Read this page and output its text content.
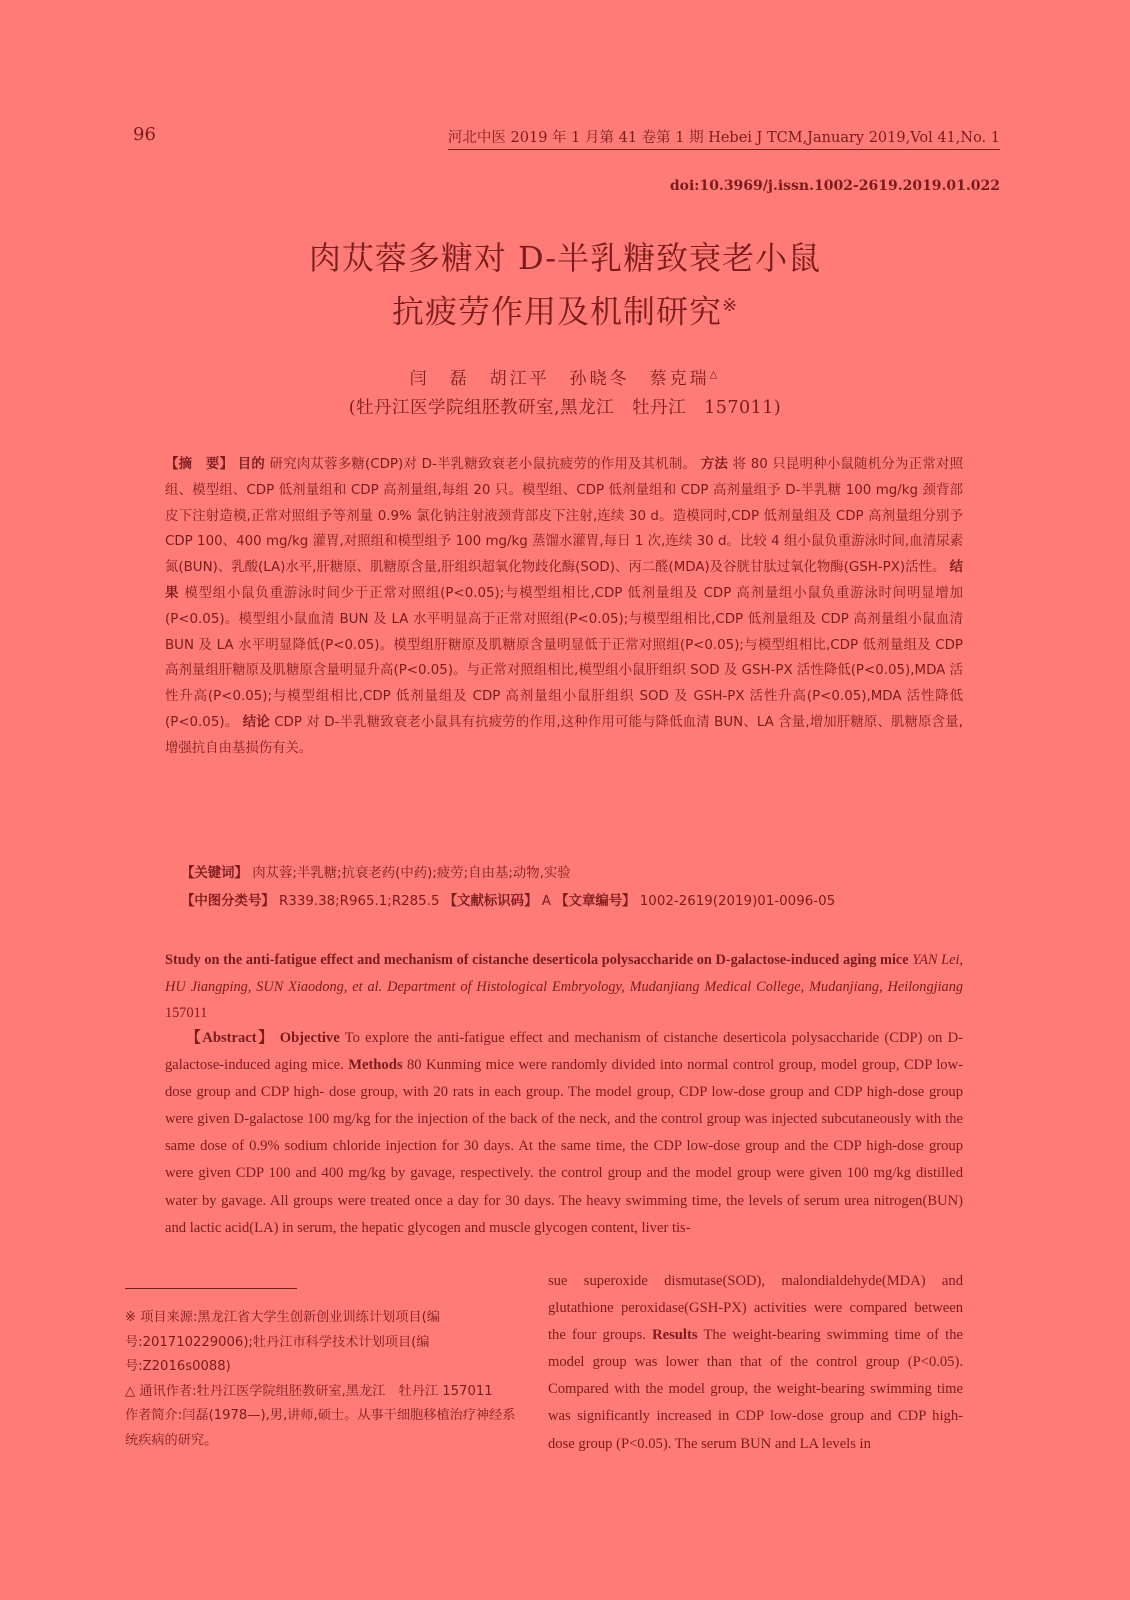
96	河北中医 2019 年 1 月第 41 卷第 1 期 Hebei J TCM,January 2019,Vol 41,No. 1
doi:10.3969/j.issn.1002-2619.2019.01.022
肉苁蓉多糖对 D-半乳糖致衰老小鼠
抗疲劳作用及机制研究※
闫　磊　胡江平　孙晓冬　蔡克瑞△
(牡丹江医学院组胚教研室,黑龙江　牡丹江　157011)
【摘　要】 目的 研究肉苁蓉多糖(CDP)对 D-半乳糖致衰老小鼠抗疲劳的作用及其机制。 方法 将 80 只昆明种小鼠随机分为正常对照组、模型组、CDP 低剂量组和 CDP 高剂量组,每组 20 只。模型组、CDP 低剂量组和 CDP 高剂量组予 D-半乳糖 100 mg/kg 颈背部皮下注射造模,正常对照组予等剂量 0.9% 氯化钠注射液颈背部皮下注射,连续 30 d。造模同时,CDP 低剂量组及 CDP 高剂量组分别予 CDP 100、400 mg/kg 灌胃,对照组和模型组予 100 mg/kg 蒸馏水灌胃,每日 1 次,连续 30 d。比较 4 组小鼠负重游泳时间,血清尿素氮(BUN)、乳酸(LA)水平,肝糖原、肌糖原含量,肝组织超氧化物歧化酶(SOD)、丙二醛(MDA)及谷胱甘肽过氧化物酶(GSH-PX)活性。 结果 模型组小鼠负重游泳时间少于正常对照组(P<0.05);与模型组相比,CDP 低剂量组及 CDP 高剂量组小鼠负重游泳时间明显增加(P<0.05)。模型组小鼠血清 BUN 及 LA 水平明显高于正常对照组(P<0.05);与模型组相比,CDP 低剂量组及 CDP 高剂量组小鼠血清 BUN 及 LA 水平明显降低(P<0.05)。模型组肝糖原及肌糖原含量明显低于正常对照组(P<0.05);与模型组相比,CDP 低剂量组及 CDP 高剂量组肝糖原及肌糖原含量明显升高(P<0.05)。与正常对照组相比,模型组小鼠肝组织 SOD 及 GSH-PX 活性降低(P<0.05),MDA 活性升高(P<0.05);与模型组相比,CDP 低剂量组及 CDP 高剂量组小鼠肝组织 SOD 及 GSH-PX 活性升高(P<0.05),MDA 活性降低(P<0.05)。 结论 CDP 对 D-半乳糖致衰老小鼠具有抗疲劳的作用,这种作用可能与降低血清 BUN、LA 含量,增加肝糖原、肌糖原含量,增强抗自由基损伤有关。
【关键词】 肉苁蓉;半乳糖;抗衰老药(中药);疲劳;自由基;动物,实验
【中图分类号】 R339.38;R965.1;R285.5 【文献标识码】 A 【文章编号】 1002-2619(2019)01-0096-05
Study on the anti-fatigue effect and mechanism of cistanche deserticola polysaccharide on D-galactose-induced aging mice YAN Lei, HU Jiangping, SUN Xiaodong, et al. Department of Histological Embryology, Mudanjiang Medical College, Mudanjiang, Heilongjiang 157011
【Abstract】 Objective To explore the anti-fatigue effect and mechanism of cistanche deserticola polysaccharide (CDP) on D-galactose-induced aging mice. Methods 80 Kunming mice were randomly divided into normal control group, model group, CDP low-dose group and CDP high- dose group, with 20 rats in each group. The model group, CDP low-dose group and CDP high-dose group were given D-galactose 100 mg/kg for the injection of the back of the neck, and the control group was injected subcutaneously with the same dose of 0.9% sodium chloride injection for 30 days. At the same time, the CDP low-dose group and the CDP high-dose group were given CDP 100 and 400 mg/kg by gavage, respectively. the control group and the model group were given 100 mg/kg distilled water by gavage. All groups were treated once a day for 30 days. The heavy swimming time, the levels of serum urea nitrogen(BUN) and lactic acid(LA) in serum, the hepatic glycogen and muscle glycogen content, liver tis-

※ 项目来源:黑龙江省大学生创新创业训练计划项目(编号:201710229006);牡丹江市科学技术计划项目(编号:Z2016s0088)

△ 通讯作者:牡丹江医学院组胚教研室,黑龙江　牡丹江 157011

作者简介:闫磊(1978—),男,讲师,硕士。从事干细胞移植治疗神经系统疾病的研究。

sue superoxide dismutase(SOD), malondialdehyde(MDA) and glutathione peroxidase(GSH-PX) activities were compared between the four groups. Results The weight-bearing swimming time of the model group was lower than that of the control group (P<0.05). Compared with the model group, the weight-bearing swimming time was significantly increased in CDP low-dose group and CDP high-dose group (P<0.05). The serum BUN and LA levels in
